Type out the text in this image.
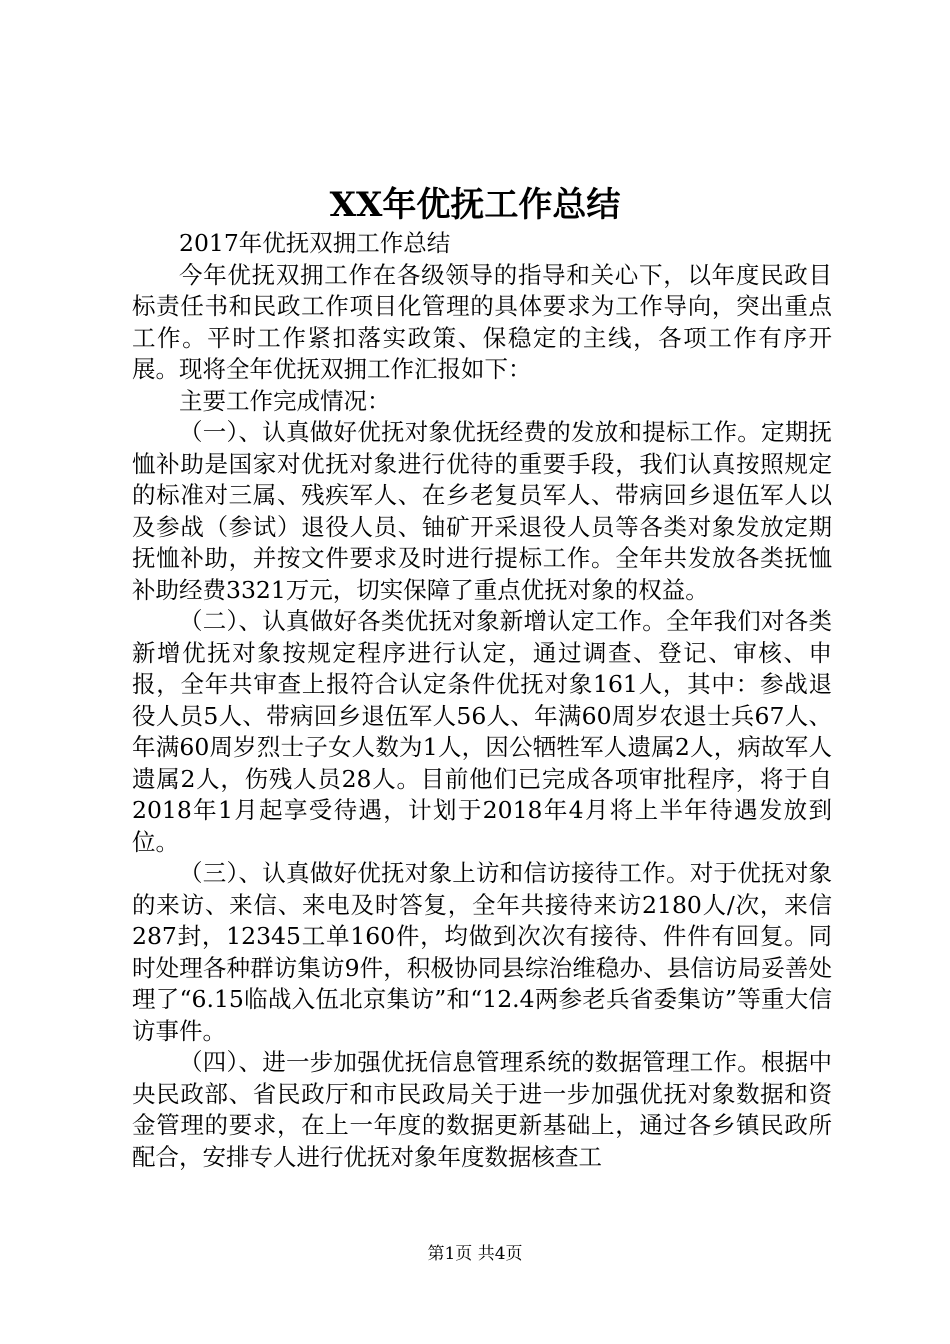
XX年优抚工作总结

2017年优抚双拥工作总结

今年优抚双拥工作在各级领导的指导和关心下，以年度民政目标责任书和民政工作项目化管理的具体要求为工作导向，突出重点工作。平时工作紧扣落实政策、保稳定的主线，各项工作有序开展。现将全年优抚双拥工作汇报如下：

主要工作完成情况：

（一）、认真做好优抚对象优抚经费的发放和提标工作。定期抚恤补助是国家对优抚对象进行优待的重要手段，我们认真按照规定的标准对三属、残疾军人、在乡老复员军人、带病回乡退伍军人以及参战（参试）退役人员、铀矿开采退役人员等各类对象发放定期抚恤补助，并按文件要求及时进行提标工作。全年共发放各类抚恤补助经费3321万元，切实保障了重点优抚对象的权益。

（二）、认真做好各类优抚对象新增认定工作。全年我们对各类新增优抚对象按规定程序进行认定，通过调查、登记、审核、申报，全年共审查上报符合认定条件优抚对象161人，其中：参战退役人员5人、带病回乡退伍军人56人、年满60周岁农退士兵67人、年满60周岁烈士子女人数为1人，因公牺牲军人遗属2人，病故军人遗属2人，伤残人员28人。目前他们已完成各项审批程序，将于自2018年1月起享受待遇，计划于2018年4月将上半年待遇发放到位。

（三）、认真做好优抚对象上访和信访接待工作。对于优抚对象的来访、来信、来电及时答复，全年共接待来访2180人/次，来信287封，12345工单160件，均做到次次有接待、件件有回复。同时处理各种群访集访9件，积极协同县综治维稳办、县信访局妥善处理了“6.15临战入伍北京集访”和“12.4两参老兵省委集访”等重大信访事件。

（四）、进一步加强优抚信息管理系统的数据管理工作。根据中央民政部、省民政厅和市民政局关于进一步加强优抚对象数据和资金管理的要求，在上一年度的数据更新基础上，通过各乡镇民政所配合，安排专人进行优抚对象年度数据核查工

第1页 共4页
